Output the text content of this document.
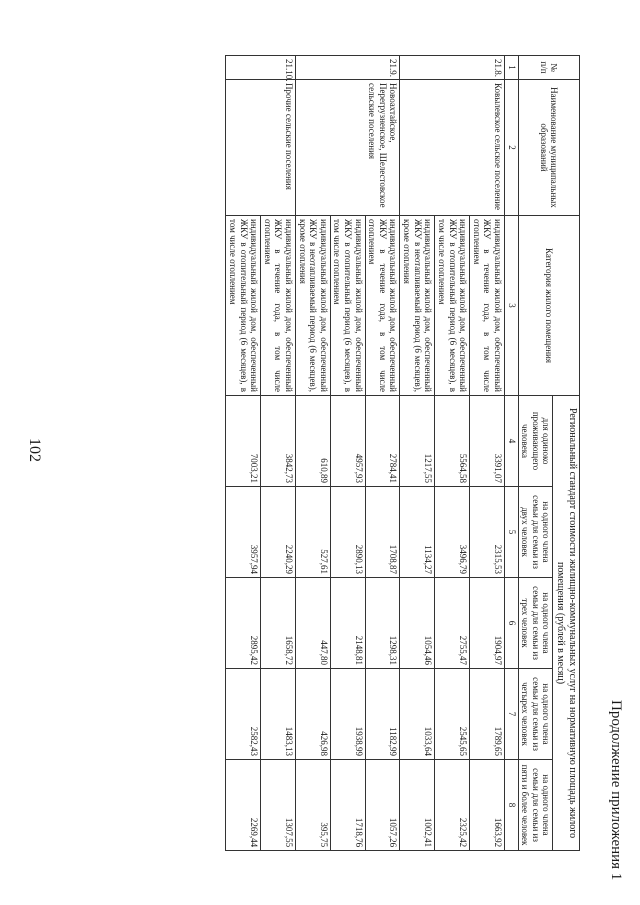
102
Продолжение приложения 1
№ п/п	Наименование муниципальных образований	Категория жилого помещения	Региональный стандарт стоимости жилищно-коммунальных услуг на нормативную площадь жилого помещения (рублей в месяц)				
			для одиноко проживающего человека	на одного члена семьи для семьи из двух человек	на одного члена семьи для семьи из трех человек	на одного члена семьи для семьи из четырех человек	на одного члена семьи для семьи из пяти и более человек
1	2	3	4	5	6	7	8
21.8.	Ковылевское сельское поселение	индивидуальный жилой дом, обеспеченный ЖКУ в течение года, в том числе отоплением	3391,07	2315,53	1904,97	1789,65	1663,92
		индивидуальный жилой дом, обеспеченный ЖКУ в отопительный период (6 месяцев), в том числе отоплением	5564,58	3496,79	2755,47	2545,65	2325,42
		индивидуальный жилой дом, обеспеченный ЖКУ в неотапливаемый период (6 месяцев), кроме отопления	1217,55	1134,27	1054,46	1033,64	1002,41
21.9.	Новоахтайское, Перегрузненское, Шелестовское сельские поселения	индивидуальный жилой дом, обеспеченный ЖКУ в течение года, в том числе отоплением	2784,41	1708,87	1298,31	1182,99	1057,26
		индивидуальный жилой дом, обеспеченный ЖКУ в отопительный период (6 месяцев), в том числе отоплением	4957,93	2890,13	2148,81	1938,99	1718,76
		индивидуальный жилой дом, обеспеченный ЖКУ в неотапливаемый период (6 месяцев), кроме отопления	610,89	527,61	447,80	426,98	395,75
21.10.	Прочие сельские поселения	индивидуальный жилой дом, обеспеченный ЖКУ в течение года, в том числе отоплением	3842,73	2240,29	1658,72	1483,13	1307,55
		индивидуальный жилой дом, обеспеченный ЖКУ в отопительный период (6 месяцев), в том числе отоплением	7003,21	3957,94	2895,42	2582,43	2269,44
